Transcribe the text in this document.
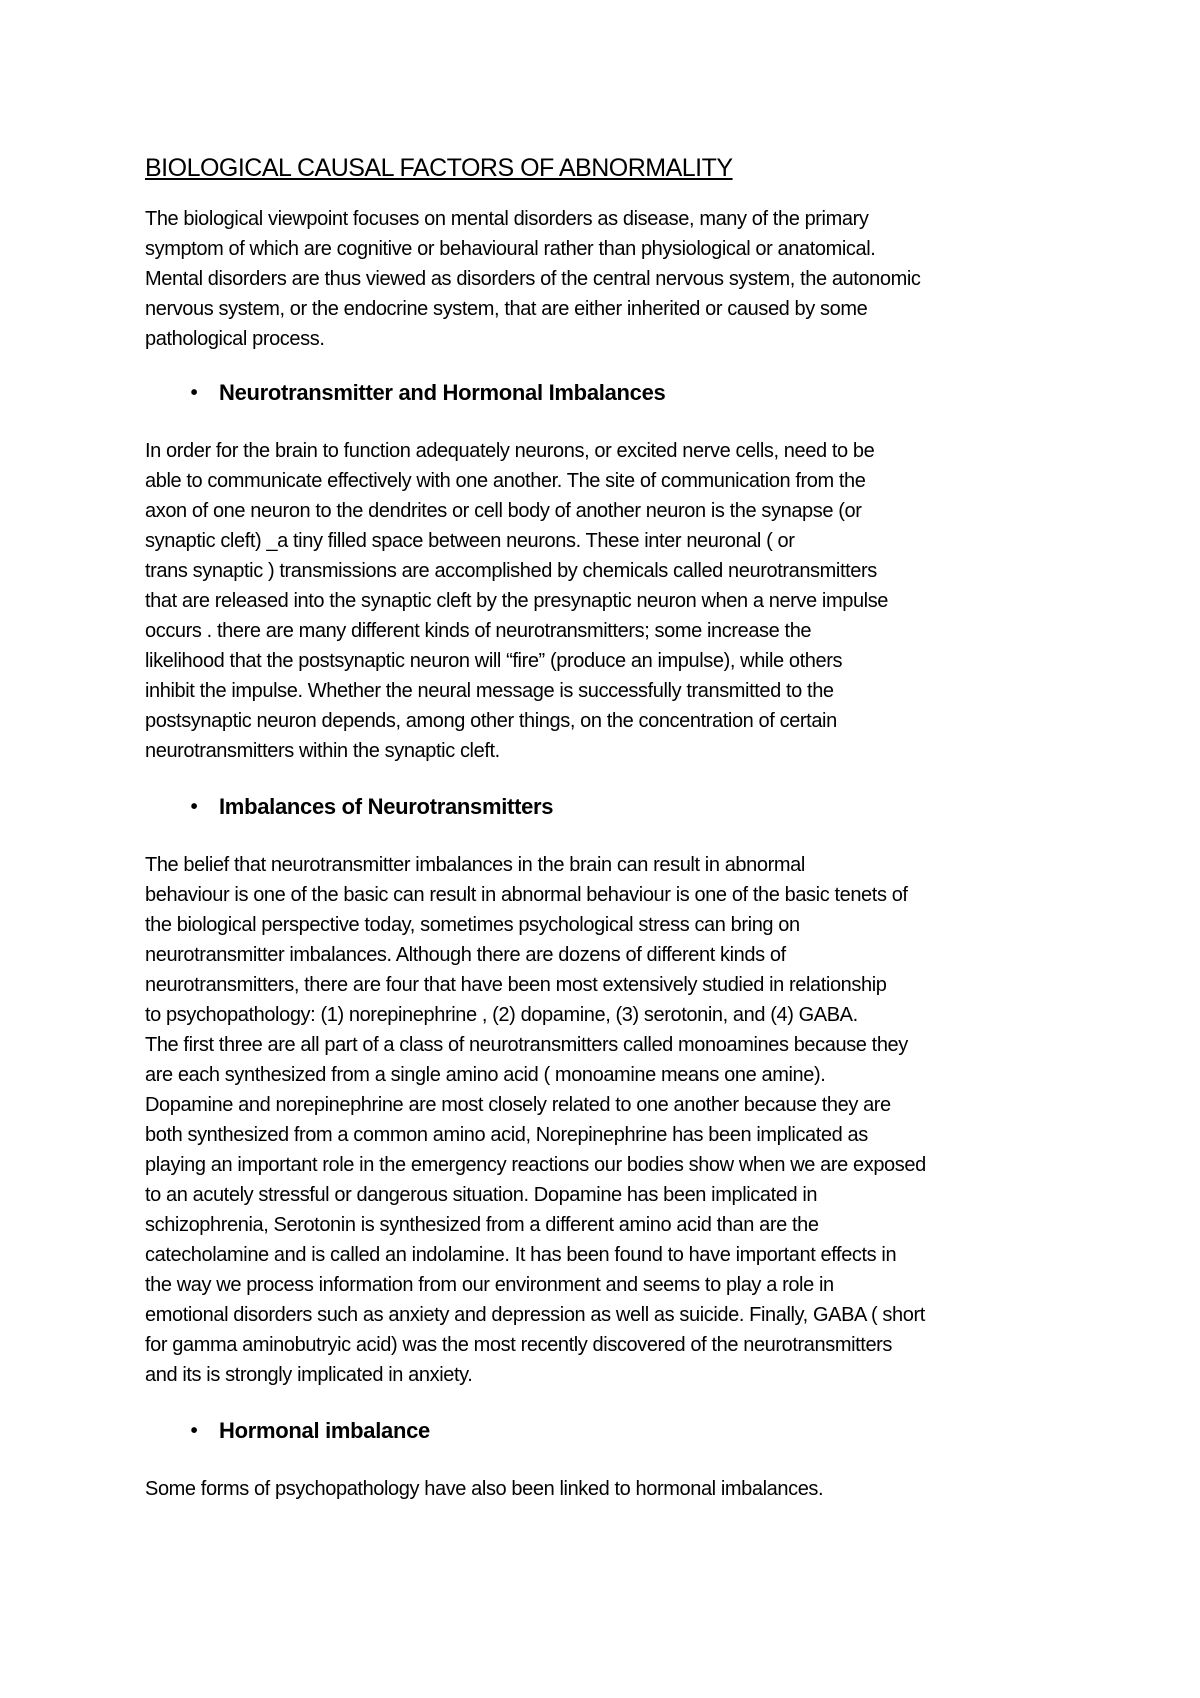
BIOLOGICAL CAUSAL FACTORS OF ABNORMALITY

The biological viewpoint focuses on mental disorders as disease, many of the primary
symptom of which are cognitive or behavioural rather than physiological or anatomical.
Mental disorders are thus viewed as disorders of the central nervous system, the autonomic
nervous system, or the endocrine system, that are either inherited or caused by some
pathological process.

• Neurotransmitter and Hormonal Imbalances

In order for the brain to function adequately neurons, or excited nerve cells, need to be
able to communicate effectively with one another. The site of communication from the
axon of one neuron to the dendrites or cell body of another neuron is the synapse (or
synaptic cleft) _a tiny filled space between neurons. These inter neuronal ( or
trans synaptic ) transmissions are accomplished by chemicals called neurotransmitters
that are released into the synaptic cleft by the presynaptic neuron when a nerve impulse
occurs . there are many different kinds of neurotransmitters; some increase the
likelihood that the postsynaptic neuron will “fire” (produce an impulse), while others
inhibit the impulse. Whether the neural message is successfully transmitted to the
postsynaptic neuron depends, among other things, on the concentration of certain
neurotransmitters within the synaptic cleft.

• Imbalances of Neurotransmitters

The belief that neurotransmitter imbalances in the brain can result in abnormal
behaviour is one of the basic can result in abnormal behaviour is one of the basic tenets of
the biological perspective today, sometimes psychological stress can bring on
neurotransmitter imbalances. Although there are dozens of different kinds of
neurotransmitters, there are four that have been most extensively studied in relationship
to psychopathology: (1) norepinephrine , (2) dopamine, (3) serotonin, and (4) GABA.
The first three are all part of a class of neurotransmitters called monoamines because they
are each synthesized from a single amino acid ( monoamine means one amine).
Dopamine and norepinephrine are most closely related to one another because they are
both synthesized from a common amino acid, Norepinephrine has been implicated as
playing an important role in the emergency reactions our bodies show when we are exposed
to an acutely stressful or dangerous situation. Dopamine has been implicated in
schizophrenia, Serotonin is synthesized from a different amino acid than are the
catecholamine and is called an indolamine. It has been found to have important effects in
the way we process information from our environment and seems to play a role in
emotional disorders such as anxiety and depression as well as suicide. Finally, GABA ( short
for gamma aminobutryic acid) was the most recently discovered of the neurotransmitters
and its is strongly implicated in anxiety.

• Hormonal imbalance

Some forms of psychopathology have also been linked to hormonal imbalances.
